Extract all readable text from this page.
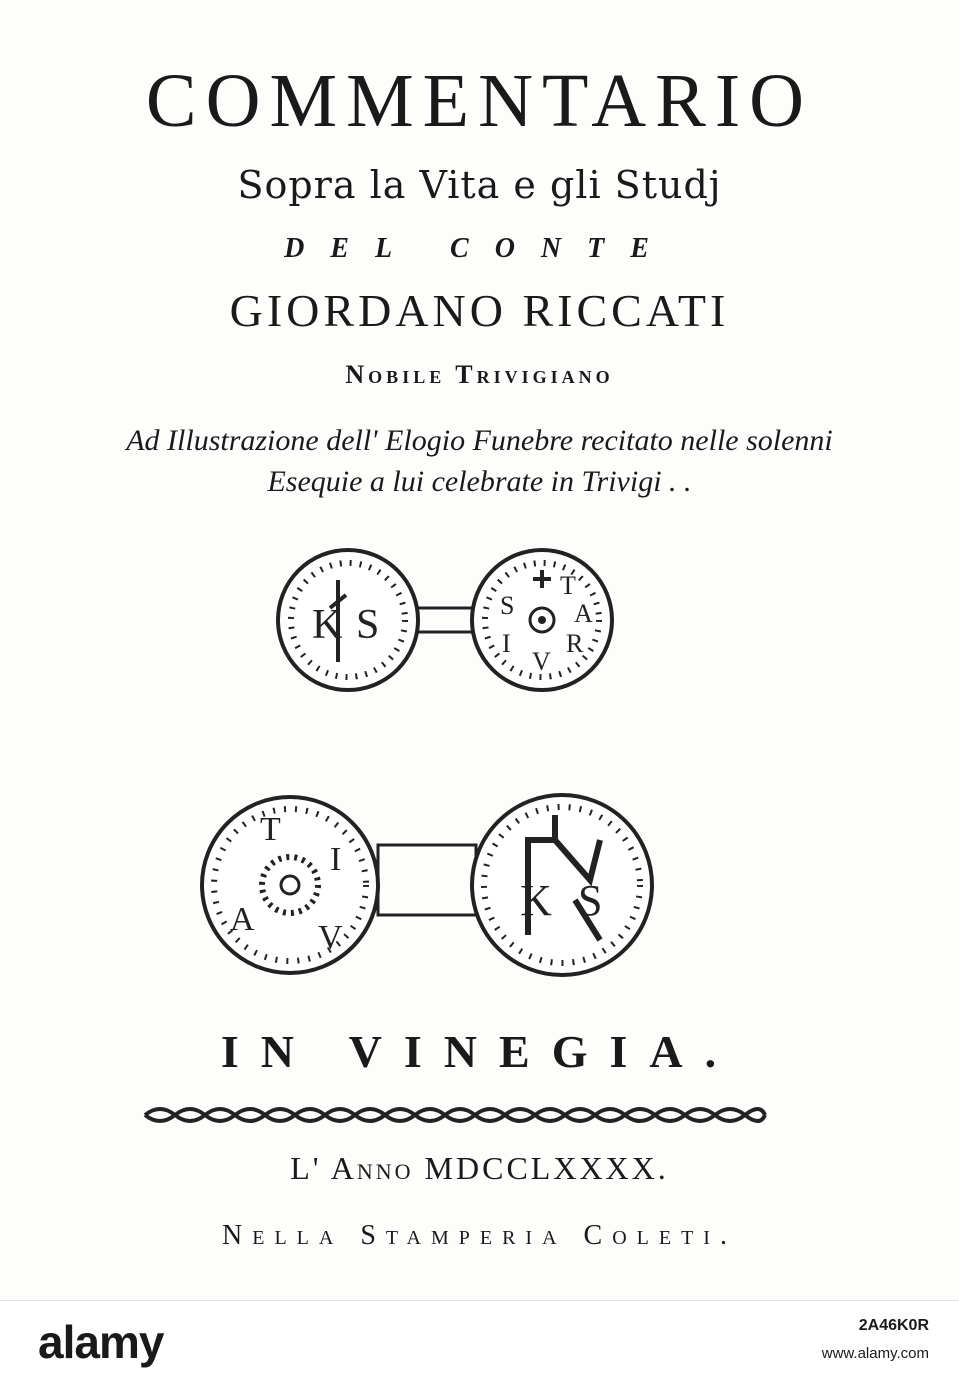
COMMENTARIO
Sopra la Vita e gli Studj
DEL CONTE
GIORDANO RICCATI
Nobile Trivigiano
Ad Illustrazione dell' Elogio Funebre recitato nelle solenni
Esequie a lui celebrate in Trivigi . .
K S
T
A
R
V
I
S
T
I
V
A	K S
IN VINEGIA.
L' Anno MDCCLXXXX.
Nella Stamperia Coleti.
alamy	2A46K0R
www.alamy.com
